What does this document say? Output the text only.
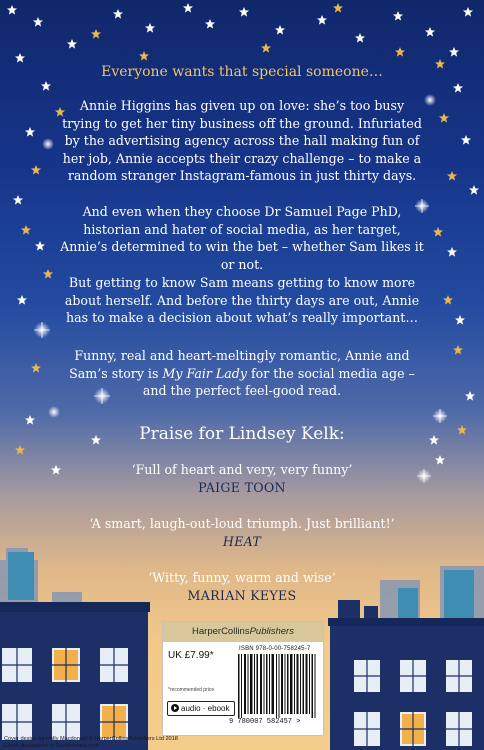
Everyone wants that special someone…
Annie Higgins has given up on love: she’s too busy trying to get her tiny business off the ground. Infuriated by the advertising agency across the hall making fun of her job, Annie accepts their crazy challenge – to make a random stranger Instagram-famous in just thirty days.
And even when they choose Dr Samuel Page PhD, historian and hater of social media, as her target, Annie’s determined to win the bet – whether Sam likes it or not.
But getting to know Sam means getting to know more about herself. And before the thirty days are out, Annie has to make a decision about what’s really important…
Funny, real and heart-meltingly romantic, Annie and Sam’s story is My Fair Lady for the social media age – and the perfect feel-good read.
Praise for Lindsey Kelk:
‘Full of heart and very, very funny’
PAIGE TOON
‘A smart, laugh-out-loud triumph. Just brilliant!’
HEAT
‘Witty, funny, warm and wise’
MARIAN KEYES
HarperCollinsPublishers
UK £7.99*
*recommended price
audio · ebook
ISBN 978-0-00-758245-7
9 780007 582457 >
Cover design by Holly Macdonald © HarperCollinsPublishers Ltd 2018
Cover illustrations © Shutterstock.com
